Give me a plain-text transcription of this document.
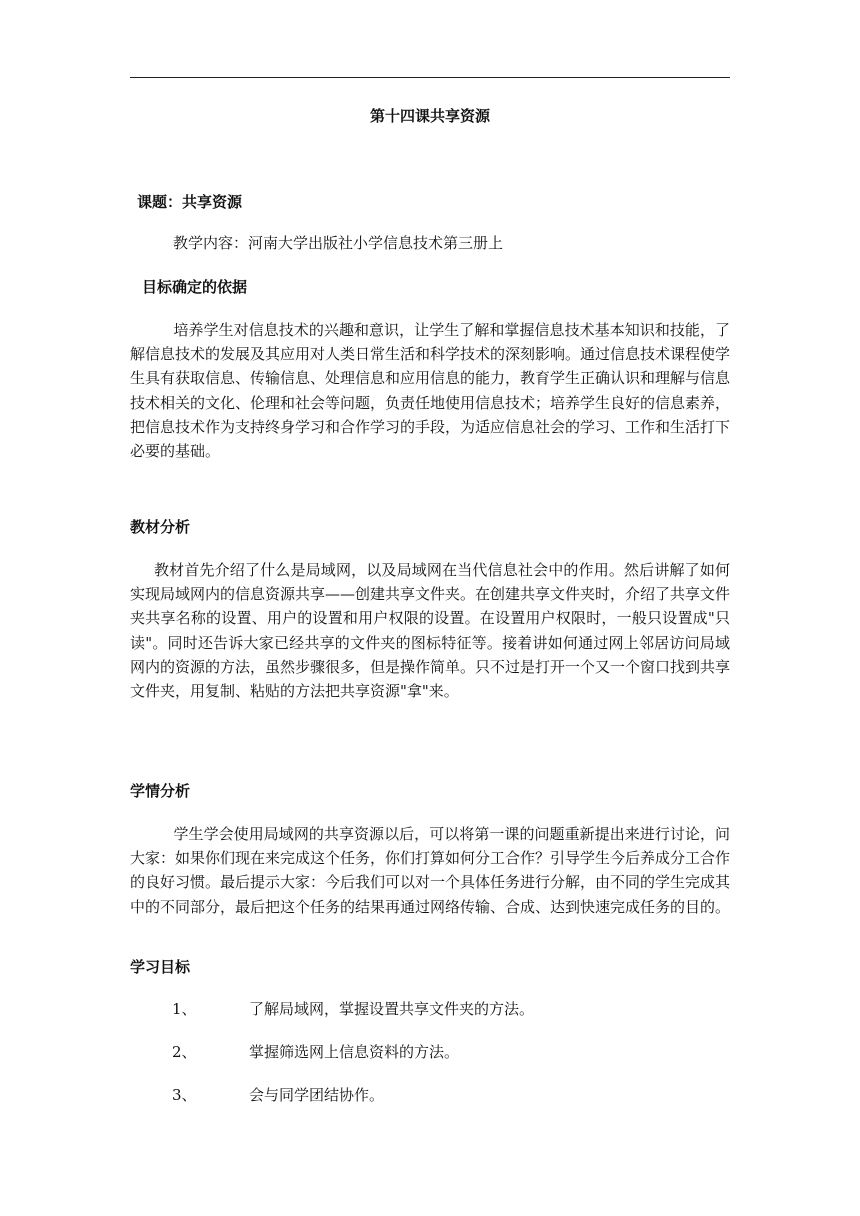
第十四课共享资源
课题：共享资源
教学内容：河南大学出版社小学信息技术第三册上
目标确定的依据

培养学生对信息技术的兴趣和意识，让学生了解和掌握信息技术基本知识和技能，了解信息技术的发展及其应用对人类日常生活和科学技术的深刻影响。通过信息技术课程使学生具有获取信息、传输信息、处理信息和应用信息的能力，教育学生正确认识和理解与信息技术相关的文化、伦理和社会等问题，负责任地使用信息技术；培养学生良好的信息素养，把信息技术作为支持终身学习和合作学习的手段，为适应信息社会的学习、工作和生活打下必要的基础。

教材分析

教材首先介绍了什么是局域网，以及局域网在当代信息社会中的作用。然后讲解了如何实现局域网内的信息资源共享——创建共享文件夹。在创建共享文件夹时，介绍了共享文件夹共享名称的设置、用户的设置和用户权限的设置。在设置用户权限时，一般只设置成"只读"。同时还告诉大家已经共享的文件夹的图标特征等。接着讲如何通过网上邻居访问局域网内的资源的方法，虽然步骤很多，但是操作简单。只不过是打开一个又一个窗口找到共享文件夹，用复制、粘贴的方法把共享资源"拿"来。

学情分析

学生学会使用局域网的共享资源以后，可以将第一课的问题重新提出来进行讨论，问大家：如果你们现在来完成这个任务，你们打算如何分工合作？引导学生今后养成分工合作的良好习惯。最后提示大家：今后我们可以对一个具体任务进行分解，由不同的学生完成其中的不同部分，最后把这个任务的结果再通过网络传输、合成、达到快速完成任务的目的。

学习目标
1、	了解局域网，掌握设置共享文件夹的方法。
2、	掌握筛选网上信息资料的方法。
3、	会与同学团结协作。
